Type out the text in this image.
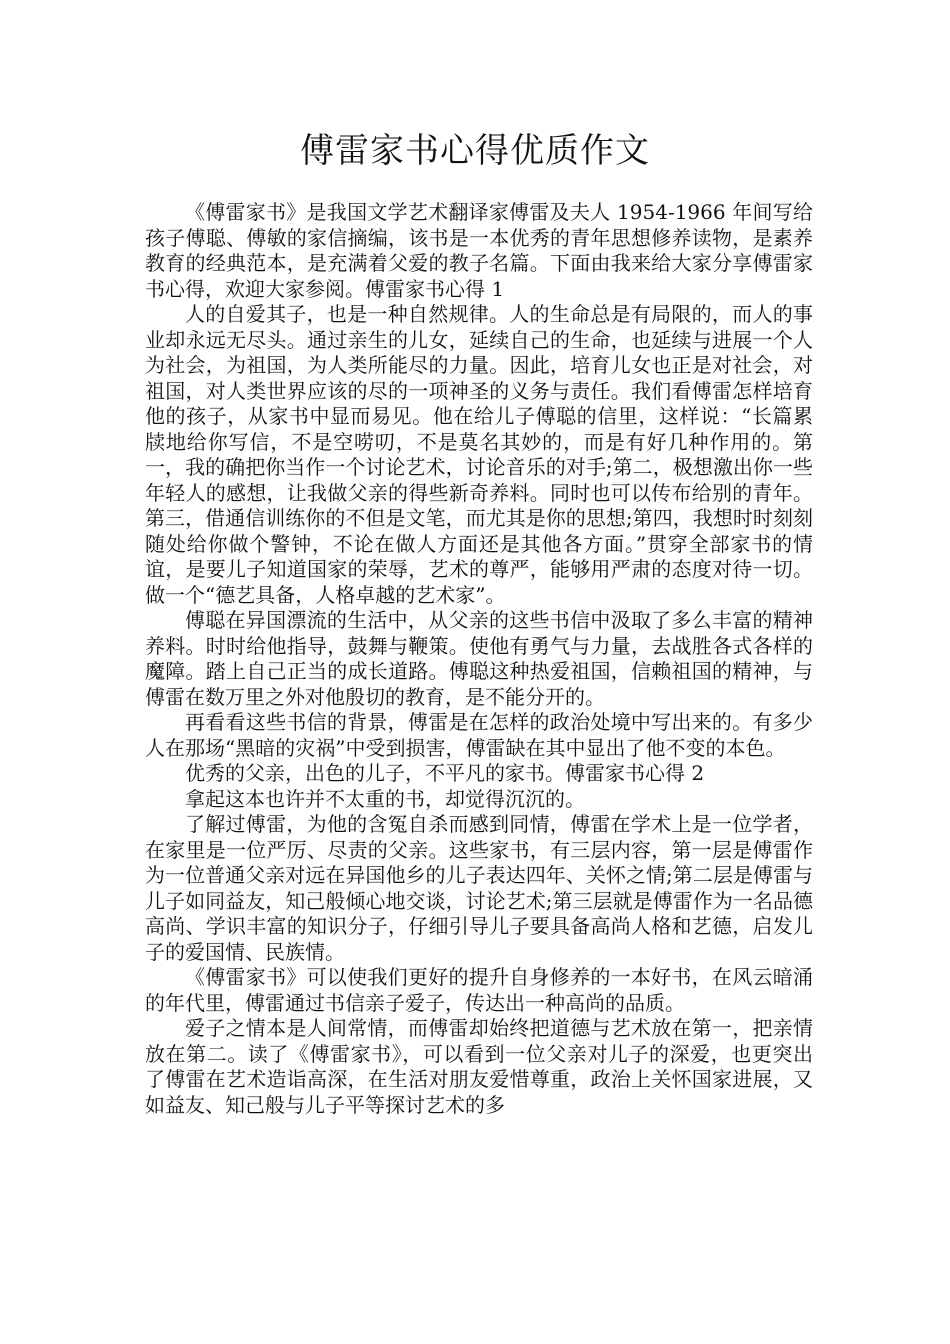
傅雷家书心得优质作文

《傅雷家书》是我国文学艺术翻译家傅雷及夫人 1954-1966 年间写给孩子傅聪、傅敏的家信摘编，该书是一本优秀的青年思想修养读物，是素养教育的经典范本，是充满着父爱的教子名篇。下面由我来给大家分享傅雷家书心得，欢迎大家参阅。傅雷家书心得 1

人的自爱其子，也是一种自然规律。人的生命总是有局限的，而人的事业却永远无尽头。通过亲生的儿女，延续自己的生命，也延续与进展一个人为社会，为祖国，为人类所能尽的力量。因此，培育儿女也正是对社会，对祖国，对人类世界应该的尽的一项神圣的义务与责任。我们看傅雷怎样培育他的孩子，从家书中显而易见。他在给儿子傅聪的信里，这样说：“长篇累牍地给你写信，不是空唠叨，不是莫名其妙的，而是有好几种作用的。第一，我的确把你当作一个讨论艺术，讨论音乐的对手;第二，极想激出你一些年轻人的感想，让我做父亲的得些新奇养料。同时也可以传布给别的青年。第三，借通信训练你的不但是文笔，而尤其是你的思想;第四，我想时时刻刻随处给你做个警钟，不论在做人方面还是其他各方面。”贯穿全部家书的情谊，是要儿子知道国家的荣辱，艺术的尊严，能够用严肃的态度对待一切。做一个“德艺具备，人格卓越的艺术家”。

傅聪在异国漂流的生活中，从父亲的这些书信中汲取了多么丰富的精神养料。时时给他指导，鼓舞与鞭策。使他有勇气与力量，去战胜各式各样的魔障。踏上自己正当的成长道路。傅聪这种热爱祖国，信赖祖国的精神，与傅雷在数万里之外对他殷切的教育，是不能分开的。

再看看这些书信的背景，傅雷是在怎样的政治处境中写出来的。有多少人在那场“黑暗的灾祸”中受到损害，傅雷缺在其中显出了他不变的本色。

优秀的父亲，出色的儿子，不平凡的家书。傅雷家书心得 2

拿起这本也许并不太重的书，却觉得沉沉的。

了解过傅雷，为他的含冤自杀而感到同情，傅雷在学术上是一位学者，在家里是一位严厉、尽责的父亲。这些家书，有三层内容，第一层是傅雷作为一位普通父亲对远在异国他乡的儿子表达四年、关怀之情;第二层是傅雷与儿子如同益友，知己般倾心地交谈，讨论艺术;第三层就是傅雷作为一名品德高尚、学识丰富的知识分子，仔细引导儿子要具备高尚人格和艺德，启发儿子的爱国情、民族情。

《傅雷家书》可以使我们更好的提升自身修养的一本好书，在风云暗涌的年代里，傅雷通过书信亲子爱子，传达出一种高尚的品质。

爱子之情本是人间常情，而傅雷却始终把道德与艺术放在第一，把亲情放在第二。读了《傅雷家书》，可以看到一位父亲对儿子的深爱，也更突出了傅雷在艺术造诣高深，在生活对朋友爱惜尊重，政治上关怀国家进展，又如益友、知己般与儿子平等探讨艺术的多
